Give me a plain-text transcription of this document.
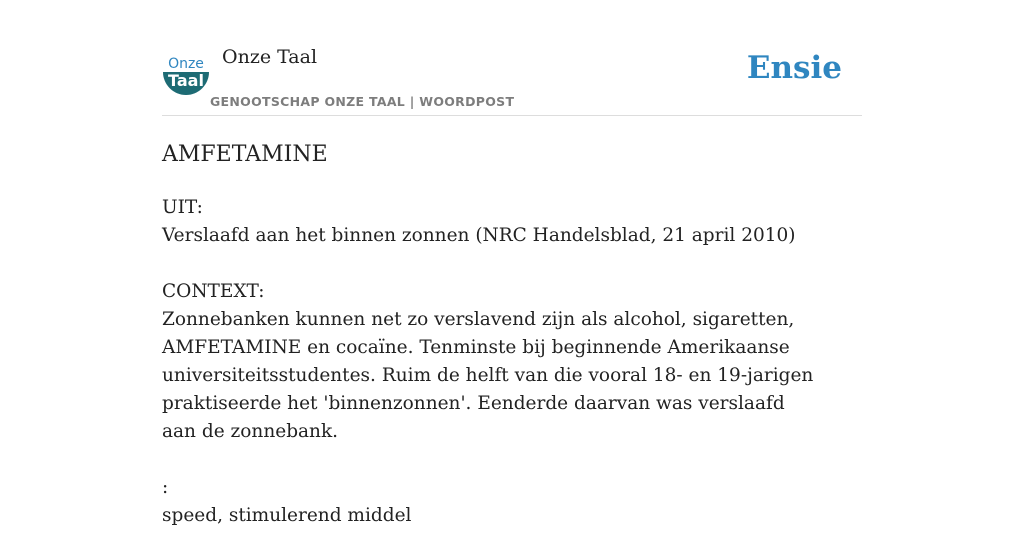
Onze
Taal
Onze Taal
GENOOTSCHAP ONZE TAAL | WOORDPOST
Ensie
AMFETAMINE

UIT:
Verslaafd aan het binnen zonnen (NRC Handelsblad, 21 april 2010)

CONTEXT:
Zonnebanken kunnen net zo verslavend zijn als alcohol, sigaretten, AMFETAMINE en cocaïne. Tenminste bij beginnende Amerikaanse universiteitsstudentes. Ruim de helft van die vooral 18- en 19-jarigen praktiseerde het 'binnenzonnen'. Eenderde daarvan was verslaafd aan de zonnebank.

:
speed, stimulerend middel
